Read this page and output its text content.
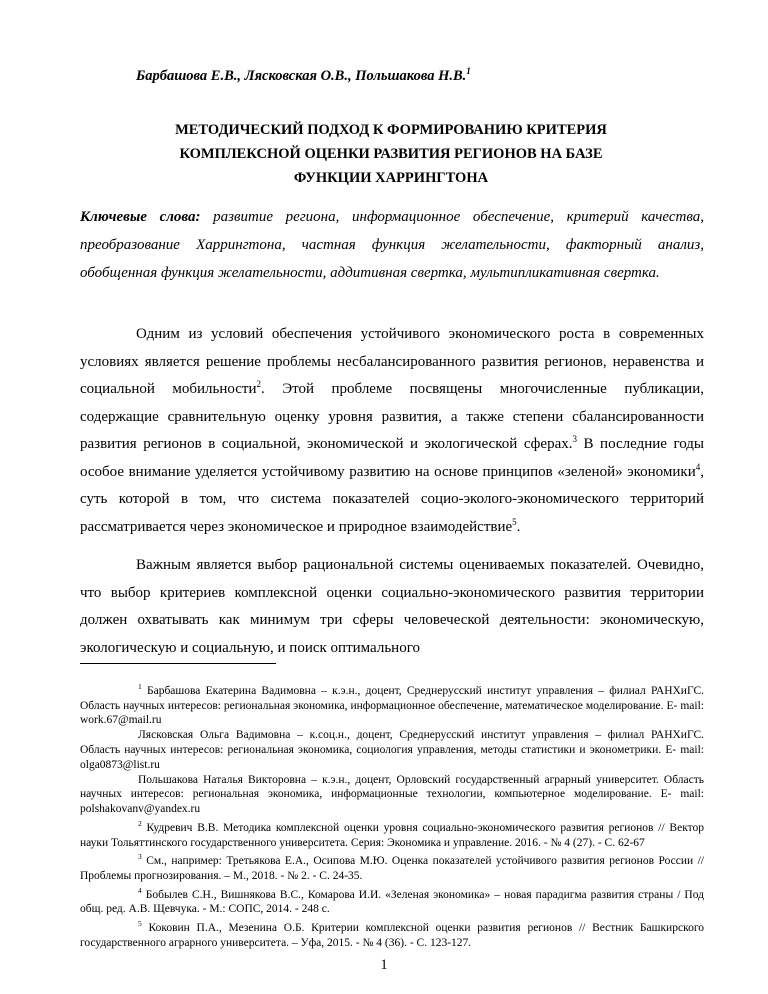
Барбашова Е.В., Лясковская О.В., Польшакова Н.В.$^1$
МЕТОДИЧЕСКИЙ ПОДХОД К ФОРМИРОВАНИЮ КРИТЕРИЯ
КОМПЛЕКСНОЙ ОЦЕНКИ РАЗВИТИЯ РЕГИОНОВ НА БАЗЕ
ФУНКЦИИ ХАРРИНГТОНА
Ключевые слова: развитие региона, информационное обеспечение, критерий качества, преобразование Харрингтона, частная функция желательности, факторный анализ, обобщенная функция желательности, аддитивная свертка, мультипликативная свертка.

Одним из условий обеспечения устойчивого экономического роста в современных условиях является решение проблемы несбалансированного развития регионов, неравенства и социальной мобильности$^2$. Этой проблеме посвящены многочисленные публикации, содержащие сравнительную оценку уровня развития, а также степени сбалансированности развития регионов в социальной, экономической и экологической сферах.$^3$ В последние годы особое внимание уделяется устойчивому развитию на основе принципов «зеленой» экономики$^4$, суть которой в том, что система показателей социо-эколого-экономического территорий рассматривается через экономическое и природное взаимодействие$^5$.

Важным является выбор рациональной системы оцениваемых показателей. Очевидно, что выбор критериев комплексной оценки социально-экономического развития территории должен охватывать как минимум три сферы человеческой деятельности: экономическую, экологическую и социальную, и поиск оптимального

$^1$ Барбашова Екатерина Вадимовна – к.э.н., доцент, Среднерусский институт управления – филиал РАНХиГС. Область научных интересов: региональная экономика, информационное обеспечение, математическое моделирование. E- mail: work.67@mail.ru

Лясковская Ольга Вадимовна – к.соц.н., доцент, Среднерусский институт управления – филиал РАНХиГС. Область научных интересов: региональная экономика, социология управления, методы статистики и эконометрики. E- mail: olga0873@list.ru

Польшакова Наталья Викторовна – к.э.н., доцент, Орловский государственный аграрный университет. Область научных интересов: региональная экономика, информационные технологии, компьютерное моделирование. E- mail: polshakovanv@yandex.ru

$^2$ Кудревич В.В. Методика комплексной оценки уровня социально-экономического развития регионов // Вектор науки Тольяттинского государственного университета. Серия: Экономика и управление. 2016. - № 4 (27). - С. 62-67

$^3$ См., например: Третьякова Е.А., Осипова М.Ю. Оценка показателей устойчивого развития регионов России // Проблемы прогнозирования. – М., 2018. - № 2. - С. 24-35.

$^4$ Бобылев С.Н., Вишнякова В.С., Комарова И.И. «Зеленая экономика» – новая парадигма развития страны / Под общ. ред. А.В. Щевчука. - М.: СОПС, 2014. - 248 с.

$^5$ Коковин П.А., Мезенина О.Б. Критерии комплексной оценки развития регионов // Вестник Башкирского государственного аграрного университета. – Уфа, 2015. - № 4 (36). - С. 123-127.

1
